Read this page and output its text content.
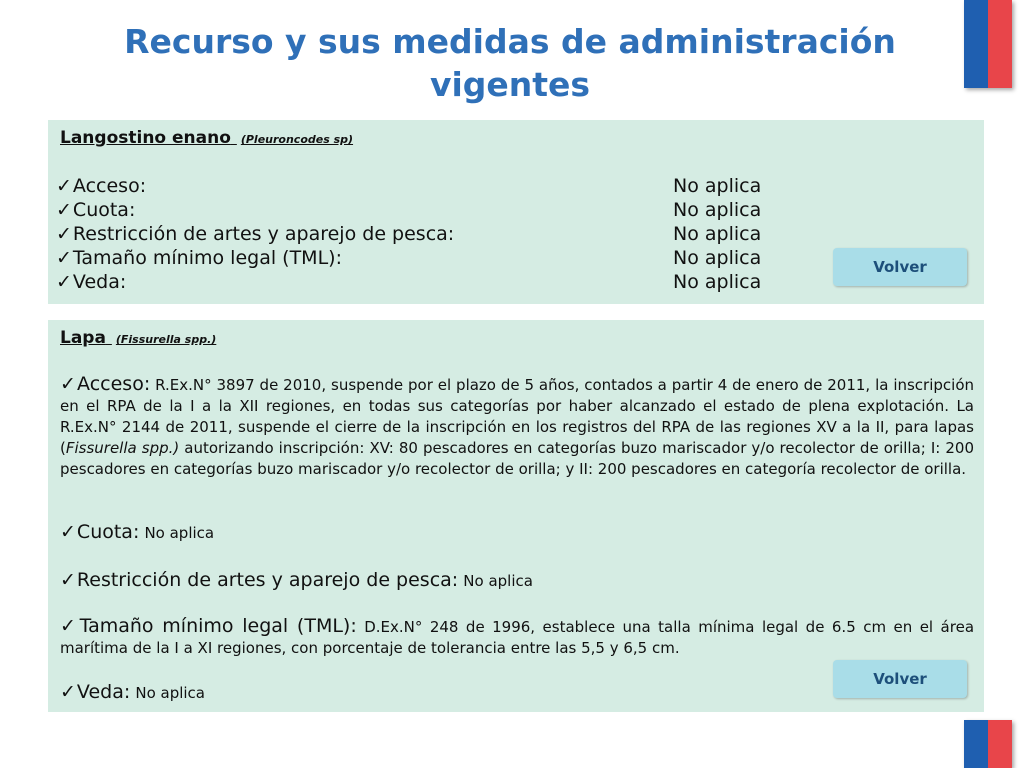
Recurso y sus medidas de administración vigentes
Langostino enano (Pleuroncodes sp)
✓Acceso:	No aplica
✓Cuota:	No aplica
✓Restricción de artes y aparejo de pesca:	No aplica
✓Tamaño mínimo legal (TML):	No aplica
✓Veda:	No aplica
Volver
Lapa (Fissurella spp.)
✓Acceso: R.Ex.N° 3897 de 2010, suspende por el plazo de 5 años, contados a partir 4 de enero de 2011, la inscripción en el RPA de la I a la XII regiones, en todas sus categorías por haber alcanzado el estado de plena explotación. La R.Ex.N° 2144 de 2011, suspende el cierre de la inscripción en los registros del RPA de las regiones XV a la II, para lapas (Fissurella spp.) autorizando inscripción: XV: 80 pescadores en categorías buzo mariscador y/o recolector de orilla; I: 200 pescadores en categorías buzo mariscador y/o recolector de orilla; y II: 200 pescadores en categoría recolector de orilla.
✓Cuota: No aplica
✓Restricción de artes y aparejo de pesca: No aplica
✓Tamaño mínimo legal (TML): D.Ex.N° 248 de 1996, establece una talla mínima legal de 6.5 cm en el área marítima de la I a XI regiones, con porcentaje de tolerancia entre las 5,5 y 6,5 cm.
✓Veda: No aplica
Volver
